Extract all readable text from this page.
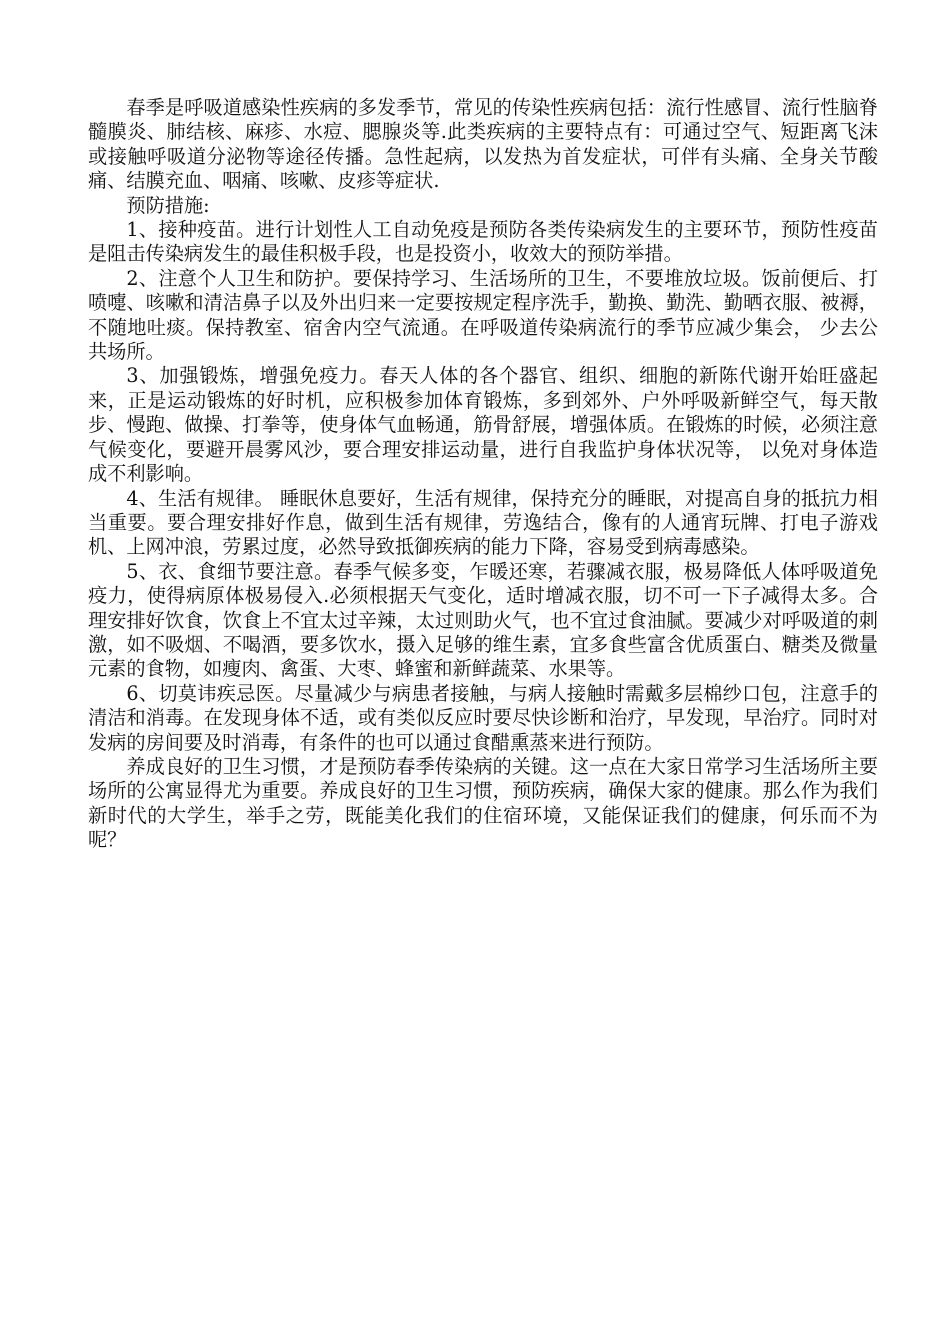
春季是呼吸道感染性疾病的多发季节，常见的传染性疾病包括：流行性感冒、流行性脑脊髓膜炎、肺结核、麻疹、水痘、腮腺炎等.此类疾病的主要特点有：可通过空气、短距离飞沫或接触呼吸道分泌物等途径传播。急性起病，以发热为首发症状，可伴有头痛、全身关节酸痛、结膜充血、咽痛、咳嗽、皮疹等症状.

预防措施:

1、接种疫苗。进行计划性人工自动免疫是预防各类传染病发生的主要环节，预防性疫苗是阻击传染病发生的最佳积极手段，也是投资小，收效大的预防举措。

2、注意个人卫生和防护。要保持学习、生活场所的卫生，不要堆放垃圾。饭前便后、打喷嚏、咳嗽和清洁鼻子以及外出归来一定要按规定程序洗手，勤换、勤洗、勤晒衣服、被褥，不随地吐痰。保持教室、宿舍内空气流通。在呼吸道传染病流行的季节应减少集会， 少去公共场所。

3、加强锻炼，增强免疫力。春天人体的各个器官、组织、细胞的新陈代谢开始旺盛起来，正是运动锻炼的好时机，应积极参加体育锻炼，多到郊外、户外呼吸新鲜空气，每天散步、慢跑、做操、打拳等，使身体气血畅通，筋骨舒展，增强体质。在锻炼的时候，必须注意气候变化，要避开晨雾风沙，要合理安排运动量，进行自我监护身体状况等， 以免对身体造成不利影响。

4、生活有规律。 睡眠休息要好，生活有规律，保持充分的睡眠，对提高自身的抵抗力相当重要。要合理安排好作息，做到生活有规律，劳逸结合，像有的人通宵玩牌、打电子游戏机、上网冲浪，劳累过度，必然导致抵御疾病的能力下降，容易受到病毒感染。

5、衣、食细节要注意。春季气候多变，乍暖还寒，若骤减衣服，极易降低人体呼吸道免疫力，使得病原体极易侵入.必须根据天气变化，适时增减衣服，切不可一下子减得太多。合理安排好饮食，饮食上不宜太过辛辣，太过则助火气，也不宜过食油腻。要减少对呼吸道的刺激，如不吸烟、不喝酒，要多饮水，摄入足够的维生素，宜多食些富含优质蛋白、糖类及微量元素的食物，如瘦肉、禽蛋、大枣、蜂蜜和新鲜蔬菜、水果等。

6、切莫讳疾忌医。尽量减少与病患者接触，与病人接触时需戴多层棉纱口包，注意手的清洁和消毒。在发现身体不适，或有类似反应时要尽快诊断和治疗，早发现，早治疗。同时对发病的房间要及时消毒，有条件的也可以通过食醋熏蒸来进行预防。

养成良好的卫生习惯，才是预防春季传染病的关键。这一点在大家日常学习生活场所主要场所的公寓显得尤为重要。养成良好的卫生习惯，预防疾病，确保大家的健康。那么作为我们新时代的大学生，举手之劳，既能美化我们的住宿环境，又能保证我们的健康，何乐而不为呢？
